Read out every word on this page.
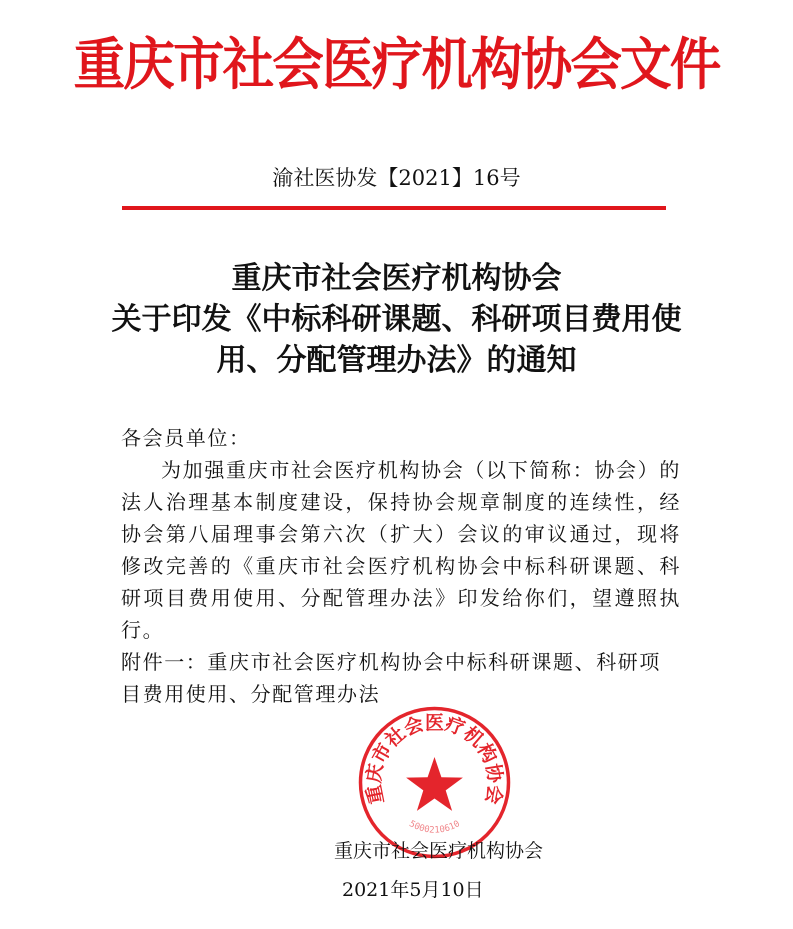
重庆市社会医疗机构协会文件
渝社医协发【2021】16号
重庆市社会医疗机构协会
关于印发《中标科研课题、科研项目费用使
用、分配管理办法》的通知

各会员单位：

为加强重庆市社会医疗机构协会（以下简称：协会）的法人治理基本制度建设，保持协会规章制度的连续性，经协会第八届理事会第六次（扩大）会议的审议通过，现将修改完善的《重庆市社会医疗机构协会中标科研课题、科研项目费用使用、分配管理办法》印发给你们，望遵照执行。

附件一：重庆市社会医疗机构协会中标科研课题、科研项目费用使用、分配管理办法

重庆市社会医疗机构协会
5000210610
重庆市社会医疗机构协会
2021年5月10日
